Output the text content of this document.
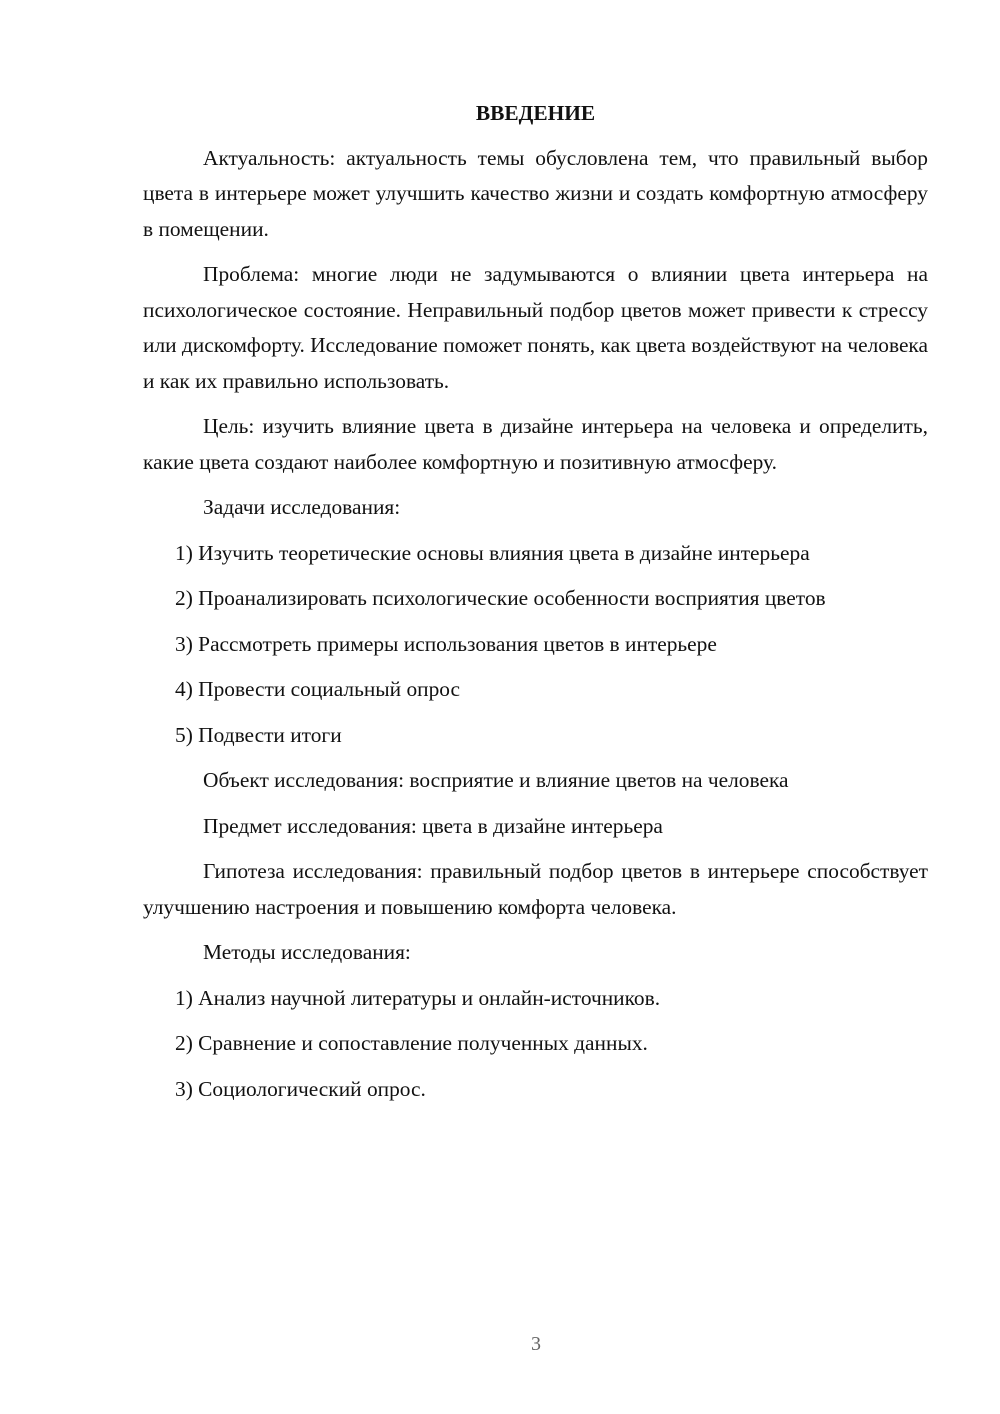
ВВЕДЕНИЕ

Актуальность: актуальность темы обусловлена тем, что правильный выбор цвета в интерьере может улучшить качество жизни и создать комфортную атмосферу в помещении.

Проблема: многие люди не задумываются о влиянии цвета интерьера на психологическое состояние. Неправильный подбор цветов может привести к стрессу или дискомфорту. Исследование поможет понять, как цвета воздействуют на человека и как их правильно использовать.

Цель: изучить влияние цвета в дизайне интерьера на человека и определить, какие цвета создают наиболее комфортную и позитивную атмосферу.

Задачи исследования:

1) Изучить теоретические основы влияния цвета в дизайне интерьера

2) Проанализировать психологические особенности восприятия цветов

3) Рассмотреть примеры использования цветов в интерьере

4) Провести социальный опрос

5) Подвести итоги

Объект исследования: восприятие и влияние цветов на человека

Предмет исследования: цвета в дизайне интерьера

Гипотеза исследования: правильный подбор цветов в интерьере способствует улучшению настроения и повышению комфорта человека.

Методы исследования:

1) Анализ научной литературы и онлайн-источников.

2) Сравнение и сопоставление полученных данных.

3) Социологический опрос.

3
